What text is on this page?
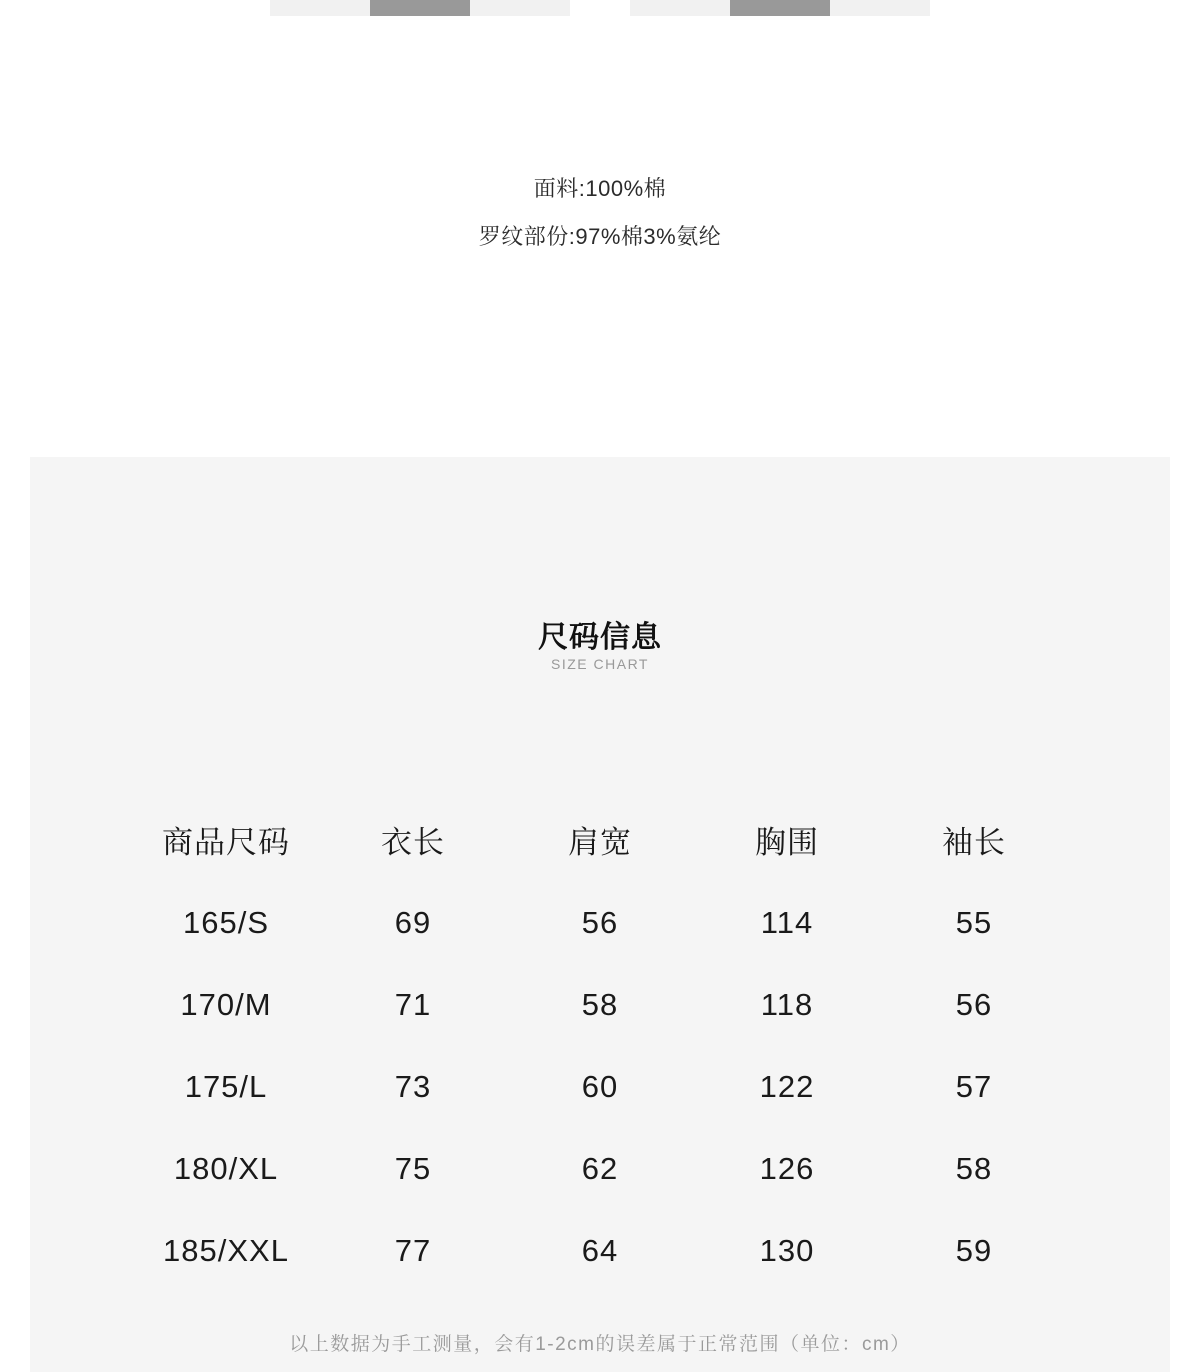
面料:100%棉
罗纹部份:97%棉3%氨纶
尺码信息
SIZE CHART
商品尺码	衣长	肩宽	胸围	袖长
165/S	69	56	114	55
170/M	71	58	118	56
175/L	73	60	122	57
180/XL	75	62	126	58
185/XXL	77	64	130	59
以上数据为手工测量，会有1-2cm的误差属于正常范围（单位：cm）
